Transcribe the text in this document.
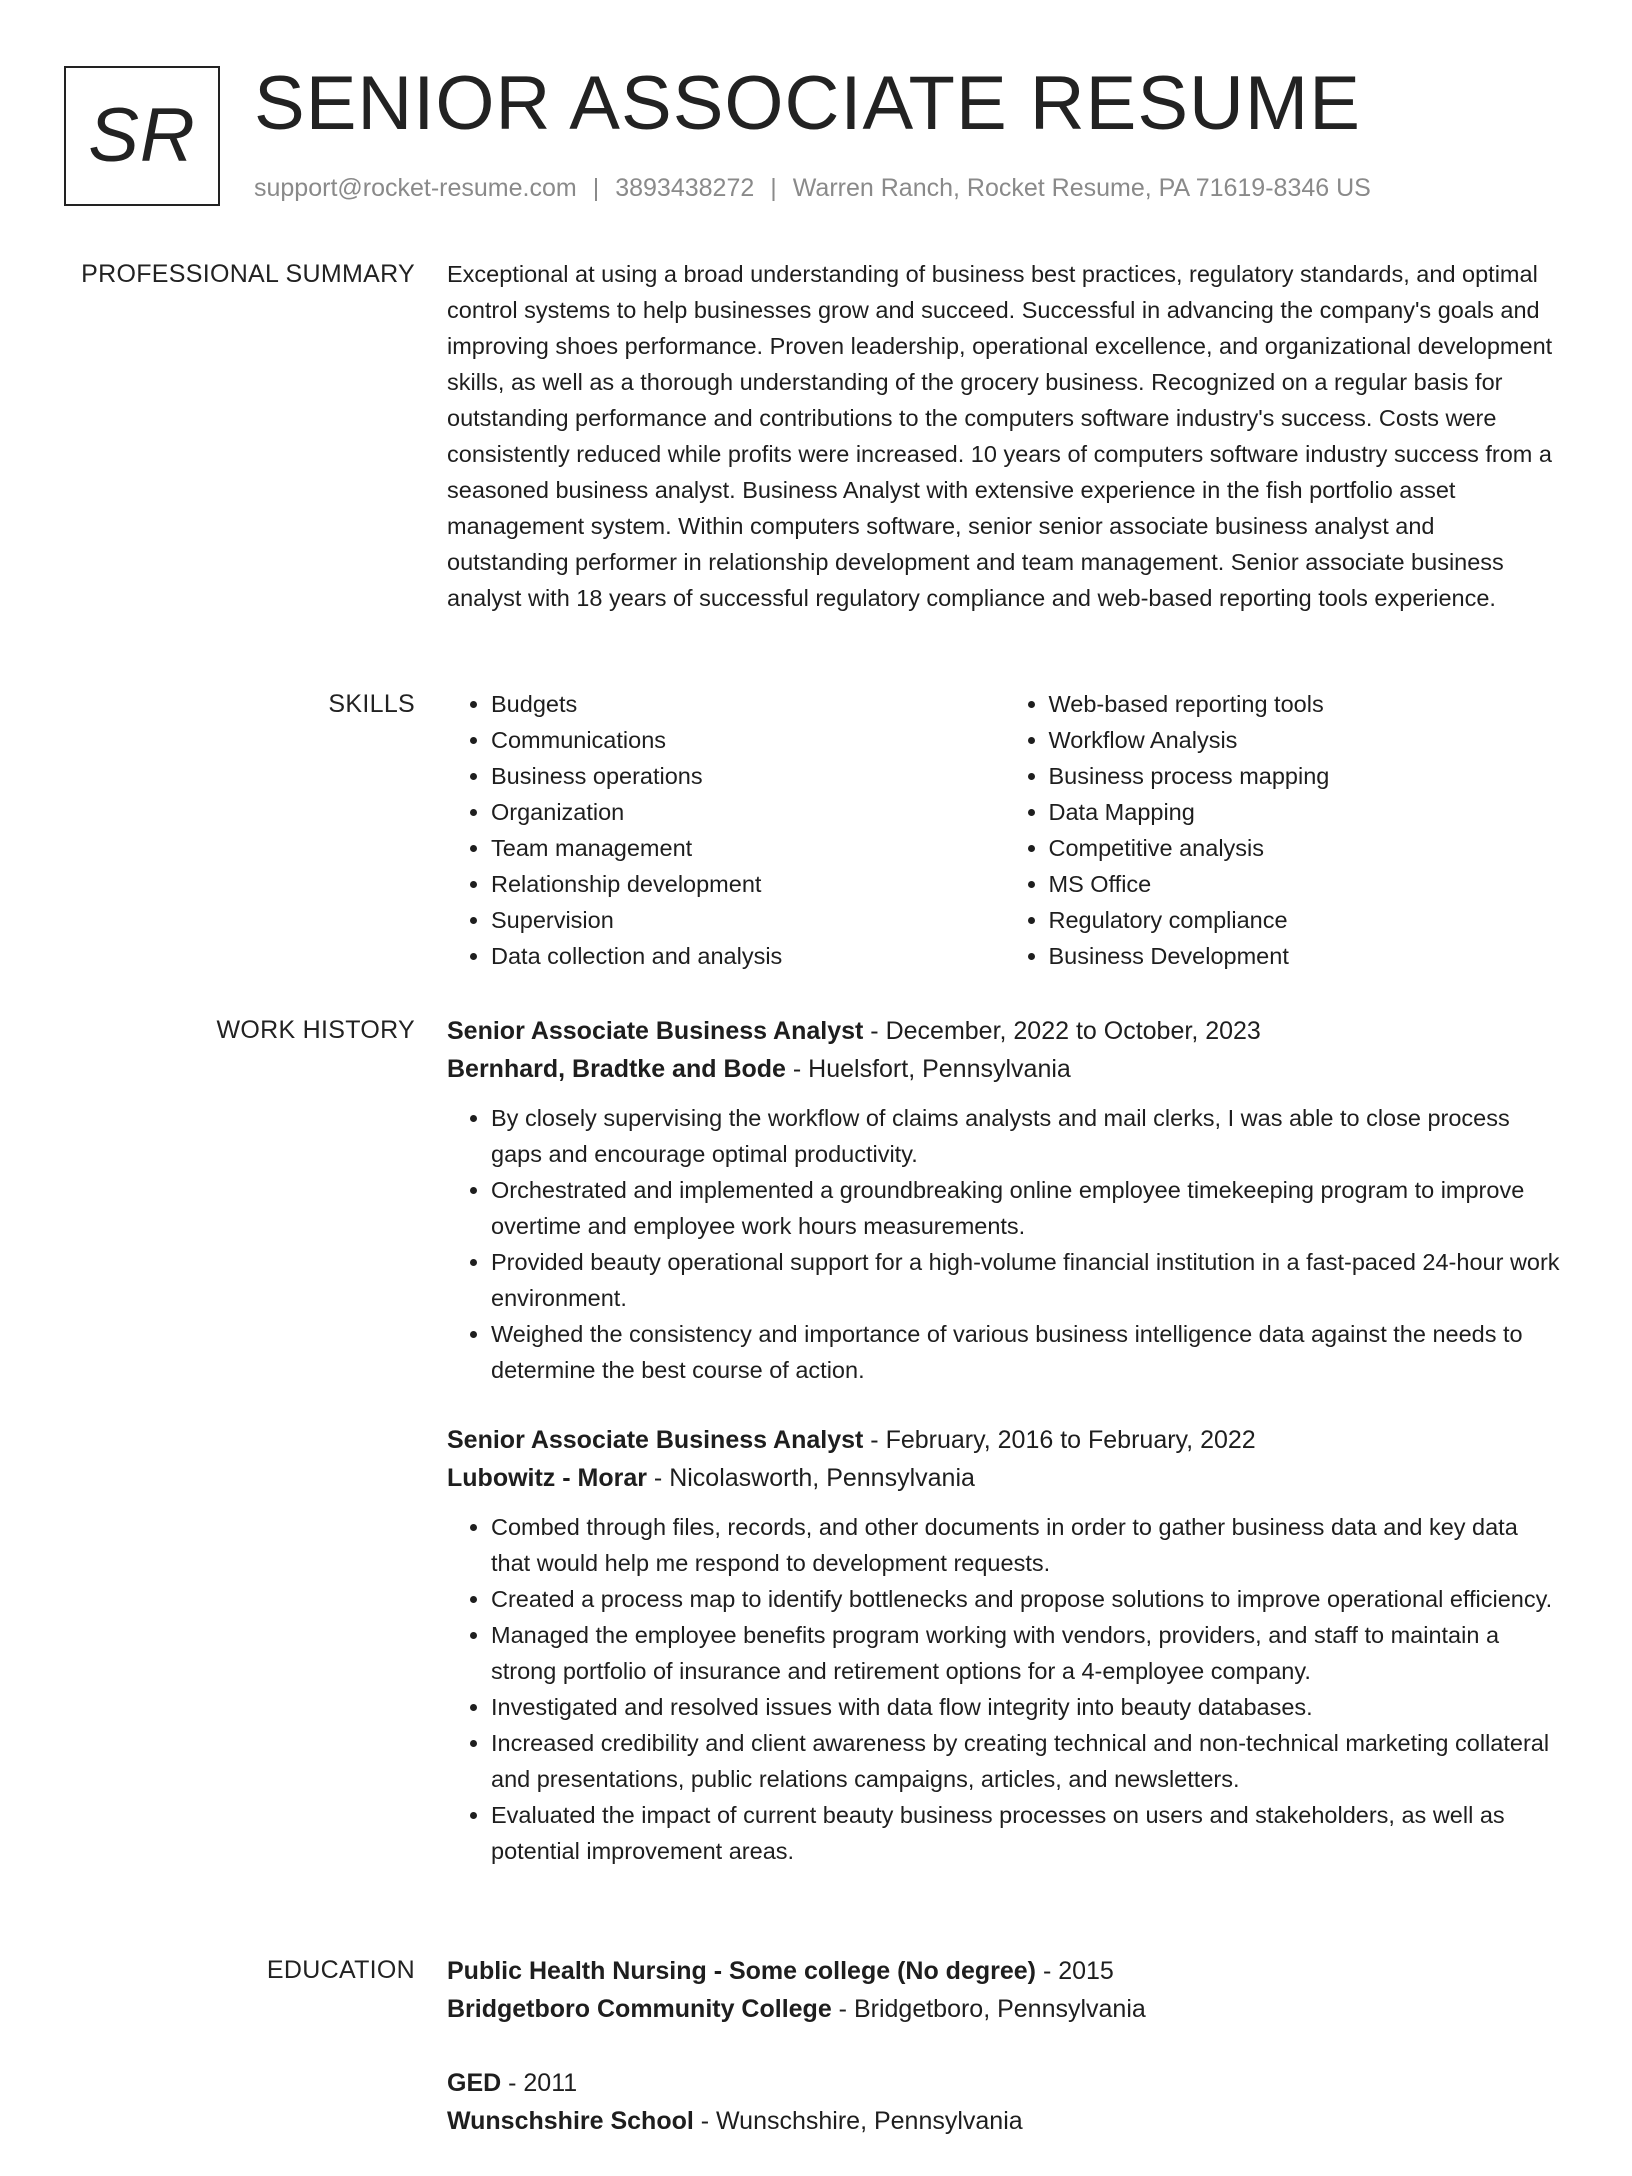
SR SENIOR ASSOCIATE RESUME
support@rocket-resume.com | 3893438272 | Warren Ranch, Rocket Resume, PA 71619-8346 US
PROFESSIONAL SUMMARY Exceptional at using a broad understanding of business best practices, regulatory standards, and optimal control systems to help businesses grow and succeed. Successful in advancing the company's goals and improving shoes performance. Proven leadership, operational excellence, and organizational development skills, as well as a thorough understanding of the grocery business. Recognized on a regular basis for outstanding performance and contributions to the computers software industry's success. Costs were consistently reduced while profits were increased. 10 years of computers software industry success from a seasoned business analyst. Business Analyst with extensive experience in the fish portfolio asset management system. Within computers software, senior senior associate business analyst and outstanding performer in relationship development and team management. Senior associate business analyst with 18 years of successful regulatory compliance and web-based reporting tools experience.

SKILLS
•	Budgets
• Communications
• Business operations
• Organization
• Team management
• Relationship development
• Supervision
• Data collection and analysis
• Web-based reporting tools
• Workflow Analysis
• Business process mapping
• Data Mapping
• Competitive analysis
• MS Office
• Regulatory compliance
• Business Development
WORK HISTORY Senior Associate Business Analyst - December, 2022 to October, 2023
Bernhard, Bradtke and Bode - Huelsfort, Pennsylvania
• By closely supervising the workflow of claims analysts and mail clerks, I was able to close process gaps and encourage optimal productivity.
• Orchestrated and implemented a groundbreaking online employee timekeeping program to improve overtime and employee work hours measurements.
• Provided beauty operational support for a high-volume financial institution in a fast-paced 24-hour work environment.
• Weighed the consistency and importance of various business intelligence data against the needs to determine the best course of action.
Senior Associate Business Analyst - February, 2016 to February, 2022
Lubowitz - Morar - Nicolasworth, Pennsylvania
• Combed through files, records, and other documents in order to gather business data and key data that would help me respond to development requests.
• Created a process map to identify bottlenecks and propose solutions to improve operational efficiency.
• Managed the employee benefits program working with vendors, providers, and staff to maintain a strong portfolio of insurance and retirement options for a 4-employee company.
• Investigated and resolved issues with data flow integrity into beauty databases.
• Increased credibility and client awareness by creating technical and non-technical marketing collateral and presentations, public relations campaigns, articles, and newsletters.
• Evaluated the impact of current beauty business processes on users and stakeholders, as well as potential improvement areas.
EDUCATION Public Health Nursing - Some college (No degree) - 2015
Bridgetboro Community College - Bridgetboro, Pennsylvania
GED - 2011
Wunschshire School - Wunschshire, Pennsylvania
